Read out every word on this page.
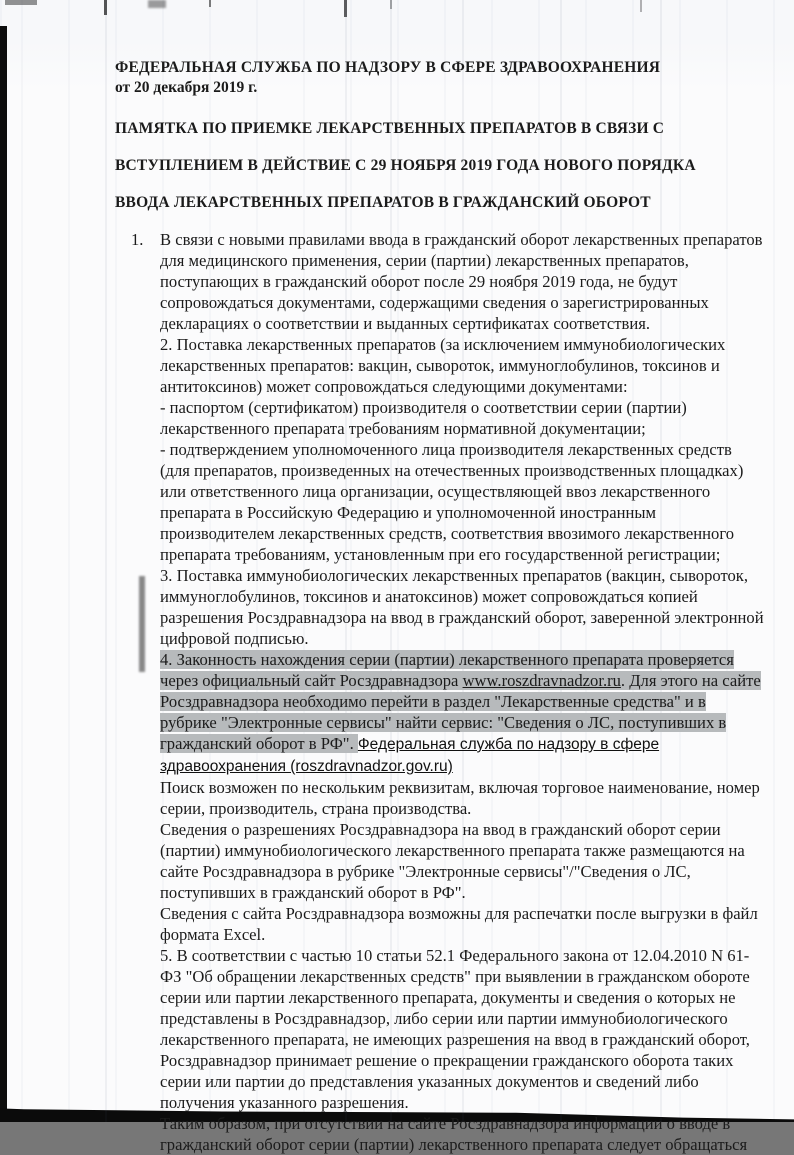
ФЕДЕРАЛЬНАЯ СЛУЖБА ПО НАДЗОРУ В СФЕРЕ ЗДРАВООХРАНЕНИЯ
от 20 декабря 2019 г.
ПАМЯТКА ПО ПРИЕМКЕ ЛЕКАРСТВЕННЫХ ПРЕПАРАТОВ В СВЯЗИ С
ВСТУПЛЕНИЕМ В ДЕЙСТВИЕ С 29 НОЯБРЯ 2019 ГОДА НОВОГО ПОРЯДКА
ВВОДА ЛЕКАРСТВЕННЫХ ПРЕПАРАТОВ В ГРАЖДАНСКИЙ ОБОРОТ
1. В связи с новыми правилами ввода в гражданский оборот лекарственных препаратов для медицинского применения, серии (партии) лекарственных препаратов, поступающих в гражданский оборот после 29 ноября 2019 года, не будут сопровождаться документами, содержащими сведения о зарегистрированных декларациях о соответствии и выданных сертификатах соответствия.
2. Поставка лекарственных препаратов (за исключением иммунобиологических лекарственных препаратов: вакцин, сывороток, иммуноглобулинов, токсинов и антитоксинов) может сопровождаться следующими документами:
- паспортом (сертификатом) производителя о соответствии серии (партии) лекарственного препарата требованиям нормативной документации;
- подтверждением уполномоченного лица производителя лекарственных средств (для препаратов, произведенных на отечественных производственных площадках) или ответственного лица организации, осуществляющей ввоз лекарственного препарата в Российскую Федерацию и уполномоченной иностранным производителем лекарственных средств, соответствия ввозимого лекарственного препарата требованиям, установленным при его государственной регистрации;
3. Поставка иммунобиологических лекарственных препаратов (вакцин, сывороток, иммуноглобулинов, токсинов и анатоксинов) может сопровождаться копией разрешения Росздравнадзора на ввод в гражданский оборот, заверенной электронной цифровой подписью.
4. Законность нахождения серии (партии) лекарственного препарата проверяется через официальный сайт Росздравнадзора www.roszdravnadzor.ru. Для этого на сайте Росздравнадзора необходимо перейти в раздел "Лекарственные средства" и в рубрике "Электронные сервисы" найти сервис: "Сведения о ЛС, поступивших в гражданский оборот в РФ". Федеральная служба по надзору в сфере здравоохранения (roszdravnadzor.gov.ru)
Поиск возможен по нескольким реквизитам, включая торговое наименование, номер серии, производитель, страна производства.
Сведения о разрешениях Росздравнадзора на ввод в гражданский оборот серии (партии) иммунобиологического лекарственного препарата также размещаются на сайте Росздравнадзора в рубрике "Электронные сервисы"/"Сведения о ЛС, поступивших в гражданский оборот в РФ".
Сведения с сайта Росздравнадзора возможны для распечатки после выгрузки в файл формата Excel.
5. В соответствии с частью 10 статьи 52.1 Федерального закона от 12.04.2010 N 61-ФЗ "Об обращении лекарственных средств" при выявлении в гражданском обороте серии или партии лекарственного препарата, документы и сведения о которых не представлены в Росздравнадзор, либо серии или партии иммунобиологического лекарственного препарата, не имеющих разрешения на ввод в гражданский оборот, Росздравнадзор принимает решение о прекращении гражданского оборота таких серии или партии до представления указанных документов и сведений либо получения указанного разрешения.
Таким образом, при отсутствии на сайте Росздравнадзора информации о вводе в гражданский оборот серии (партии) лекарственного препарата следует обращаться
